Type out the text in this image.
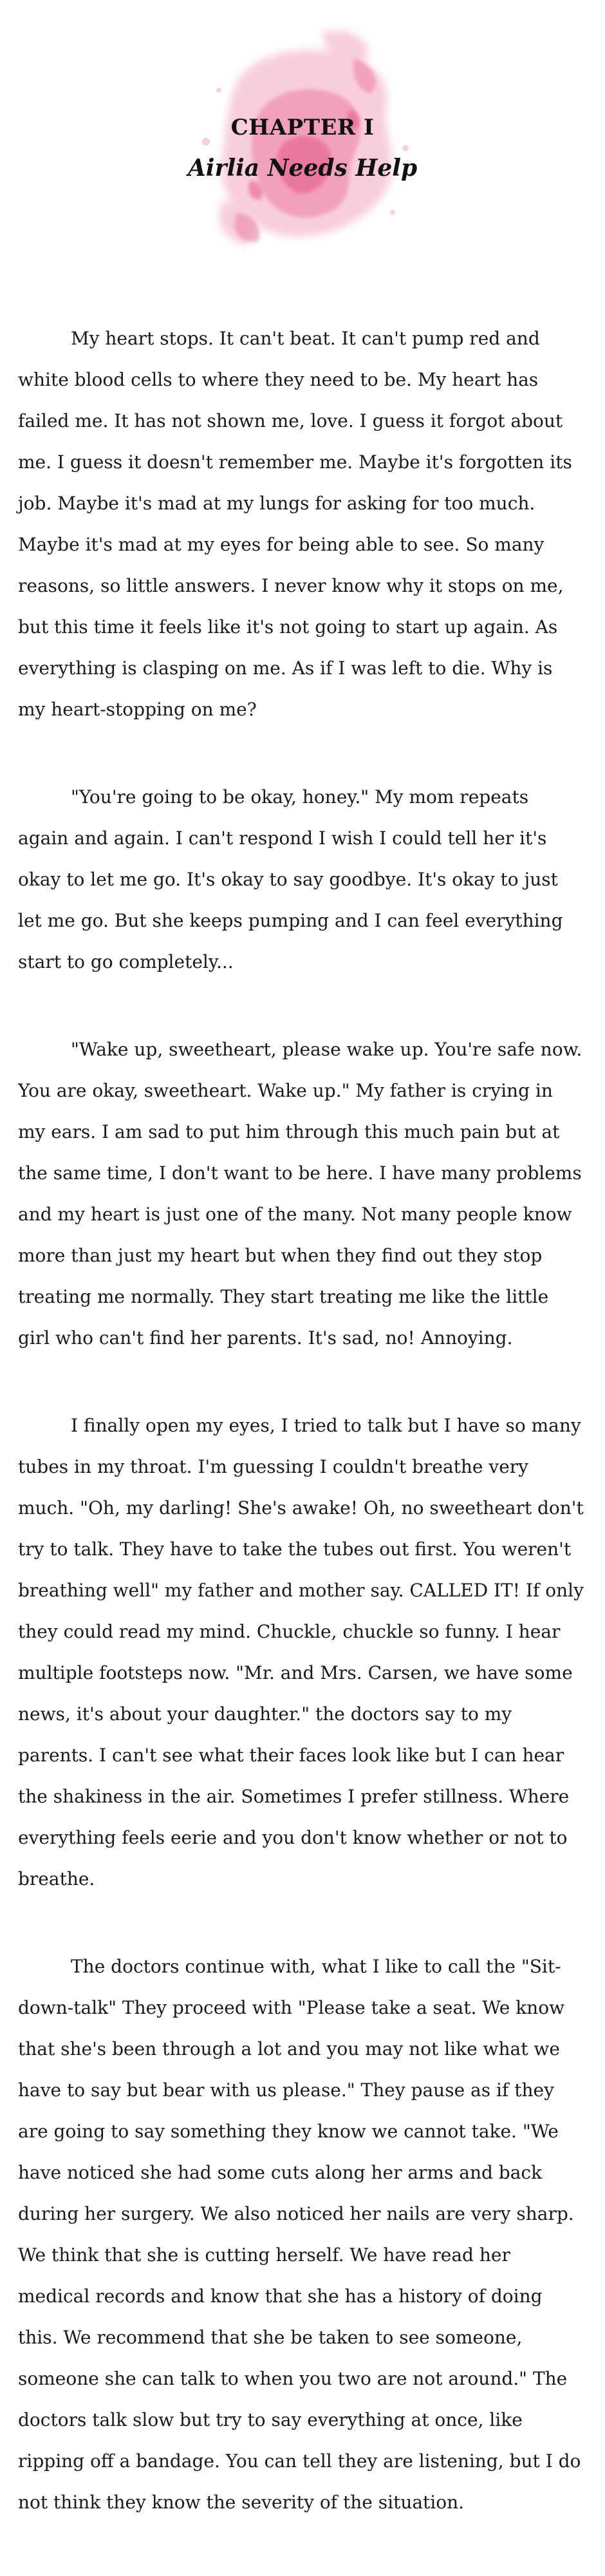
CHAPTER I
Airlia Needs Help

My heart stops. It can't beat. It can't pump red and white blood cells to where they need to be. My heart has failed me. It has not shown me, love. I guess it forgot about me. I guess it doesn't remember me. Maybe it's forgotten its job. Maybe it's mad at my lungs for asking for too much. Maybe it's mad at my eyes for being able to see. So many reasons, so little answers. I never know why it stops on me, but this time it feels like it's not going to start up again. As everything is clasping on me. As if I was left to die. Why is my heart-stopping on me?

"You're going to be okay, honey." My mom repeats again and again. I can't respond I wish I could tell her it's okay to let me go. It's okay to say goodbye. It's okay to just let me go. But she keeps pumping and I can feel everything start to go completely...

"Wake up, sweetheart, please wake up. You're safe now. You are okay, sweetheart. Wake up." My father is crying in my ears. I am sad to put him through this much pain but at the same time, I don't want to be here. I have many problems and my heart is just one of the many. Not many people know more than just my heart but when they find out they stop treating me normally. They start treating me like the little girl who can't find her parents. It's sad, no! Annoying.

I finally open my eyes, I tried to talk but I have so many tubes in my throat. I'm guessing I couldn't breathe very much. "Oh, my darling! She's awake! Oh, no sweetheart don't try to talk. They have to take the tubes out first. You weren't breathing well" my father and mother say. CALLED IT! If only they could read my mind. Chuckle, chuckle so funny. I hear multiple footsteps now. "Mr. and Mrs. Carsen, we have some news, it's about your daughter." the doctors say to my parents. I can't see what their faces look like but I can hear the shakiness in the air. Sometimes I prefer stillness. Where everything feels eerie and you don't know whether or not to breathe.

The doctors continue with, what I like to call the "Sit-down-talk" They proceed with "Please take a seat. We know that she's been through a lot and you may not like what we have to say but bear with us please." They pause as if they are going to say something they know we cannot take. "We have noticed she had some cuts along her arms and back during her surgery. We also noticed her nails are very sharp. We think that she is cutting herself. We have read her medical records and know that she has a history of doing this. We recommend that she be taken to see someone, someone she can talk to when you two are not around." The doctors talk slow but try to say everything at once, like ripping off a bandage. You can tell they are listening, but I do not think they know the severity of the situation.
